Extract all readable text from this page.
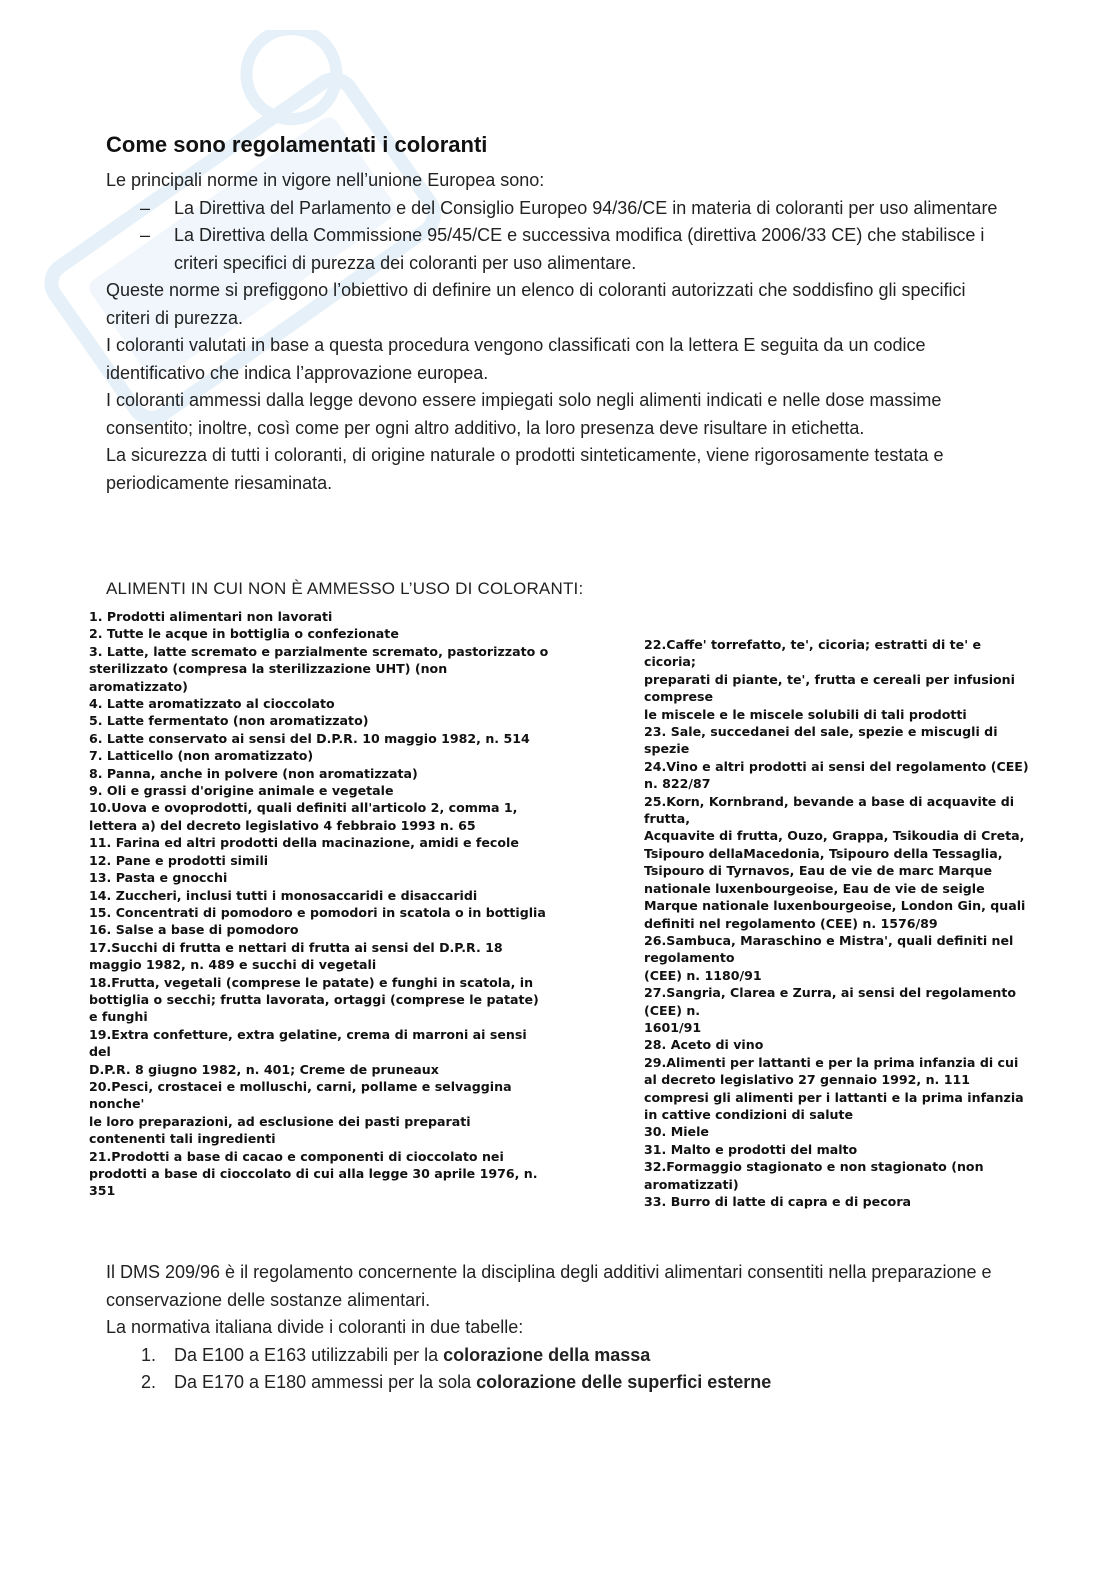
Come sono regolamentati i coloranti

Le principali norme in vigore nell’unione Europea sono:

– La Direttiva del Parlamento e del Consiglio Europeo 94/36/CE in materia di coloranti per uso alimentare
– La Direttiva della Commissione 95/45/CE e successiva modifica (direttiva 2006/33 CE) che stabilisce i criteri specifici di purezza dei coloranti per uso alimentare.

Queste norme si prefiggono l’obiettivo di definire un elenco di coloranti autorizzati che soddisfino gli specifici criteri di purezza.

I coloranti valutati in base a questa procedura vengono classificati con la lettera E seguita da un codice identificativo che indica l’approvazione europea.

I coloranti ammessi dalla legge devono essere impiegati solo negli alimenti indicati e nelle dose massime consentito; inoltre, così come per ogni altro additivo, la loro presenza deve risultare in etichetta.

La sicurezza di tutti i coloranti, di origine naturale o prodotti sinteticamente, viene rigorosamente testata e periodicamente riesaminata.

ALIMENTI IN CUI NON È AMMESSO L’USO DI COLORANTI:

1. Prodotti alimentari non lavorati

2. Tutte le acque in bottiglia o confezionate

3. Latte, latte scremato e parzialmente scremato, pastorizzato o

sterilizzato (compresa la sterilizzazione UHT) (non

aromatizzato)

4. Latte aromatizzato al cioccolato

5. Latte fermentato (non aromatizzato)

6. Latte conservato ai sensi del D.P.R. 10 maggio 1982, n. 514

7. Latticello (non aromatizzato)

8. Panna, anche in polvere (non aromatizzata)

9. Oli e grassi d'origine animale e vegetale

10.Uova e ovoprodotti, quali definiti all'articolo 2, comma 1,

lettera a) del decreto legislativo 4 febbraio 1993 n. 65

11. Farina ed altri prodotti della macinazione, amidi e fecole

12. Pane e prodotti simili

13. Pasta e gnocchi

14. Zuccheri, inclusi tutti i monosaccaridi e disaccaridi

15. Concentrati di pomodoro e pomodori in scatola o in bottiglia

16. Salse a base di pomodoro

17.Succhi di frutta e nettari di frutta ai sensi del D.P.R. 18

maggio 1982, n. 489 e succhi di vegetali

18.Frutta, vegetali (comprese le patate) e funghi in scatola, in

bottiglia o secchi; frutta lavorata, ortaggi (comprese le patate)

e funghi

19.Extra confetture, extra gelatine, crema di marroni ai sensi

del

D.P.R. 8 giugno 1982, n. 401; Creme de pruneaux

20.Pesci, crostacei e molluschi, carni, pollame e selvaggina

nonche'

le loro preparazioni, ad esclusione dei pasti preparati

contenenti tali ingredienti

21.Prodotti a base di cacao e componenti di cioccolato nei

prodotti a base di cioccolato di cui alla legge 30 aprile 1976, n.

351

22.Caffe' torrefatto, te', cicoria; estratti di te' e

cicoria;

preparati di piante, te', frutta e cereali per infusioni

comprese

le miscele e le miscele solubili di tali prodotti

23. Sale, succedanei del sale, spezie e miscugli di

spezie

24.Vino e altri prodotti ai sensi del regolamento (CEE)

n. 822/87

25.Korn, Kornbrand, bevande a base di acquavite di

frutta,

Acquavite di frutta, Ouzo, Grappa, Tsikoudia di Creta,

Tsipouro dellaMacedonia, Tsipouro della Tessaglia,

Tsipouro di Tyrnavos, Eau de vie de marc Marque

nationale luxenbourgeoise, Eau de vie de seigle

Marque nationale luxenbourgeoise, London Gin, quali

definiti nel regolamento (CEE) n. 1576/89

26.Sambuca, Maraschino e Mistra', quali definiti nel

regolamento

(CEE) n. 1180/91

27.Sangria, Clarea e Zurra, ai sensi del regolamento

(CEE) n.

1601/91

28. Aceto di vino

29.Alimenti per lattanti e per la prima infanzia di cui

al decreto legislativo 27 gennaio 1992, n. 111

compresi gli alimenti per i lattanti e la prima infanzia

in cattive condizioni di salute

30. Miele

31. Malto e prodotti del malto

32.Formaggio stagionato e non stagionato (non

aromatizzati)

33. Burro di latte di capra e di pecora

Il DMS 209/96 è il regolamento concernente la disciplina degli additivi alimentari consentiti nella preparazione e conservazione delle sostanze alimentari.

La normativa italiana divide i coloranti in due tabelle:

1. Da E100 a E163 utilizzabili per la colorazione della massa
2. Da E170 a E180 ammessi per la sola colorazione delle superfici esterne
